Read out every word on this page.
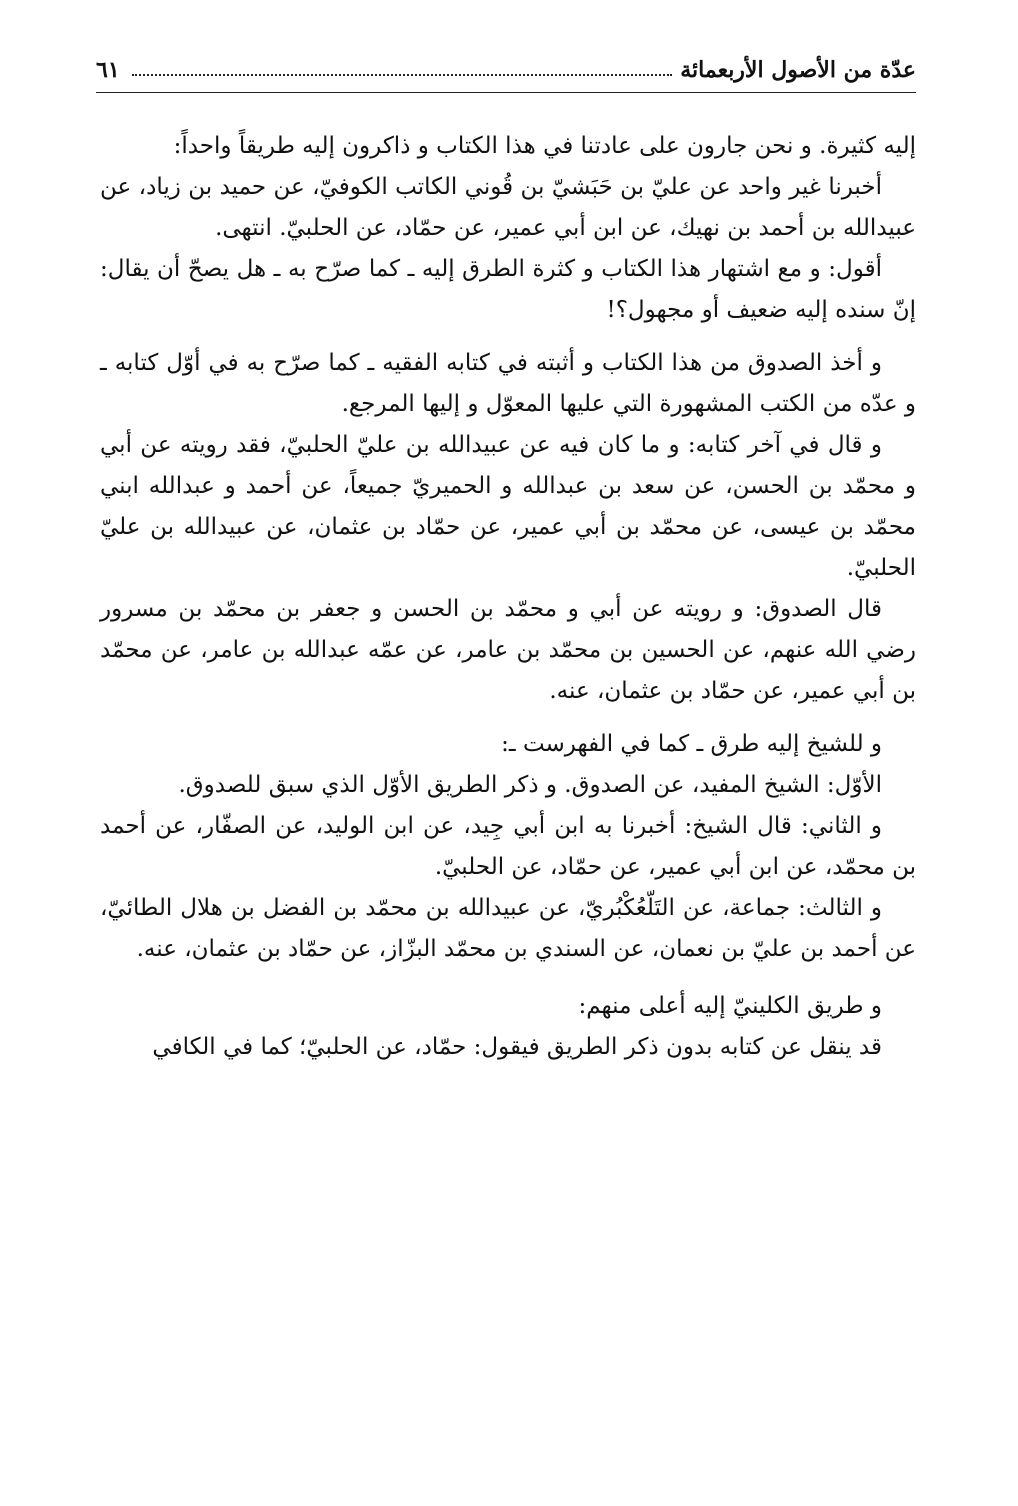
عدّة من الأصول الأربعمائة
٦١

إليه كثيرة. و نحن جارون على عادتنا في هذا الكتاب و ذاكرون إليه طريقاً واحداً:

أخبرنا غير واحد عن عليّ بن حَبَشيّ بن قُوني الكاتب الكوفيّ، عن حميد بن زياد، عن عبيدالله بن أحمد بن نهيك، عن ابن أبي عمير، عن حمّاد، عن الحلبيّ. انتهى.

أقول: و مع اشتهار هذا الكتاب و كثرة الطرق إليه ـ كما صرّح به ـ هل يصحّ أن يقال: إنّ سنده إليه ضعيف أو مجهول؟!

و أخذ الصدوق من هذا الكتاب و أثبته في كتابه الفقيه ـ كما صرّح به في أوّل كتابه ـ و عدّه من الكتب المشهورة التي عليها المعوّل و إليها المرجع.

و قال في آخر كتابه: و ما كان فيه عن عبيدالله بن عليّ الحلبيّ، فقد رويته عن أبي و محمّد بن الحسن، عن سعد بن عبدالله و الحميريّ جميعاً، عن أحمد و عبدالله ابني محمّد بن عيسى، عن محمّد بن أبي عمير، عن حمّاد بن عثمان، عن عبيدالله بن عليّ الحلبيّ.

قال الصدوق: و رويته عن أبي و محمّد بن الحسن و جعفر بن محمّد بن مسرور رضي الله عنهم، عن الحسين بن محمّد بن عامر، عن عمّه عبدالله بن عامر، عن محمّد بن أبي عمير، عن حمّاد بن عثمان، عنه.

و للشيخ إليه طرق ـ كما في الفهرست ـ:

الأوّل: الشيخ المفيد، عن الصدوق. و ذكر الطريق الأوّل الذي سبق للصدوق.

و الثاني: قال الشيخ: أخبرنا به ابن أبي جِيد، عن ابن الوليد، عن الصفّار، عن أحمد بن محمّد، عن ابن أبي عمير، عن حمّاد، عن الحلبيّ.

و الثالث: جماعة، عن التَلّعُكْبُريّ، عن عبيدالله بن محمّد بن الفضل بن هلال الطائيّ، عن أحمد بن عليّ بن نعمان، عن السندي بن محمّد البزّاز، عن حمّاد بن عثمان، عنه.

و طريق الكلينيّ إليه أعلى منهم:

قد ينقل عن كتابه بدون ذكر الطريق فيقول: حمّاد، عن الحلبيّ؛ كما في الكافي
